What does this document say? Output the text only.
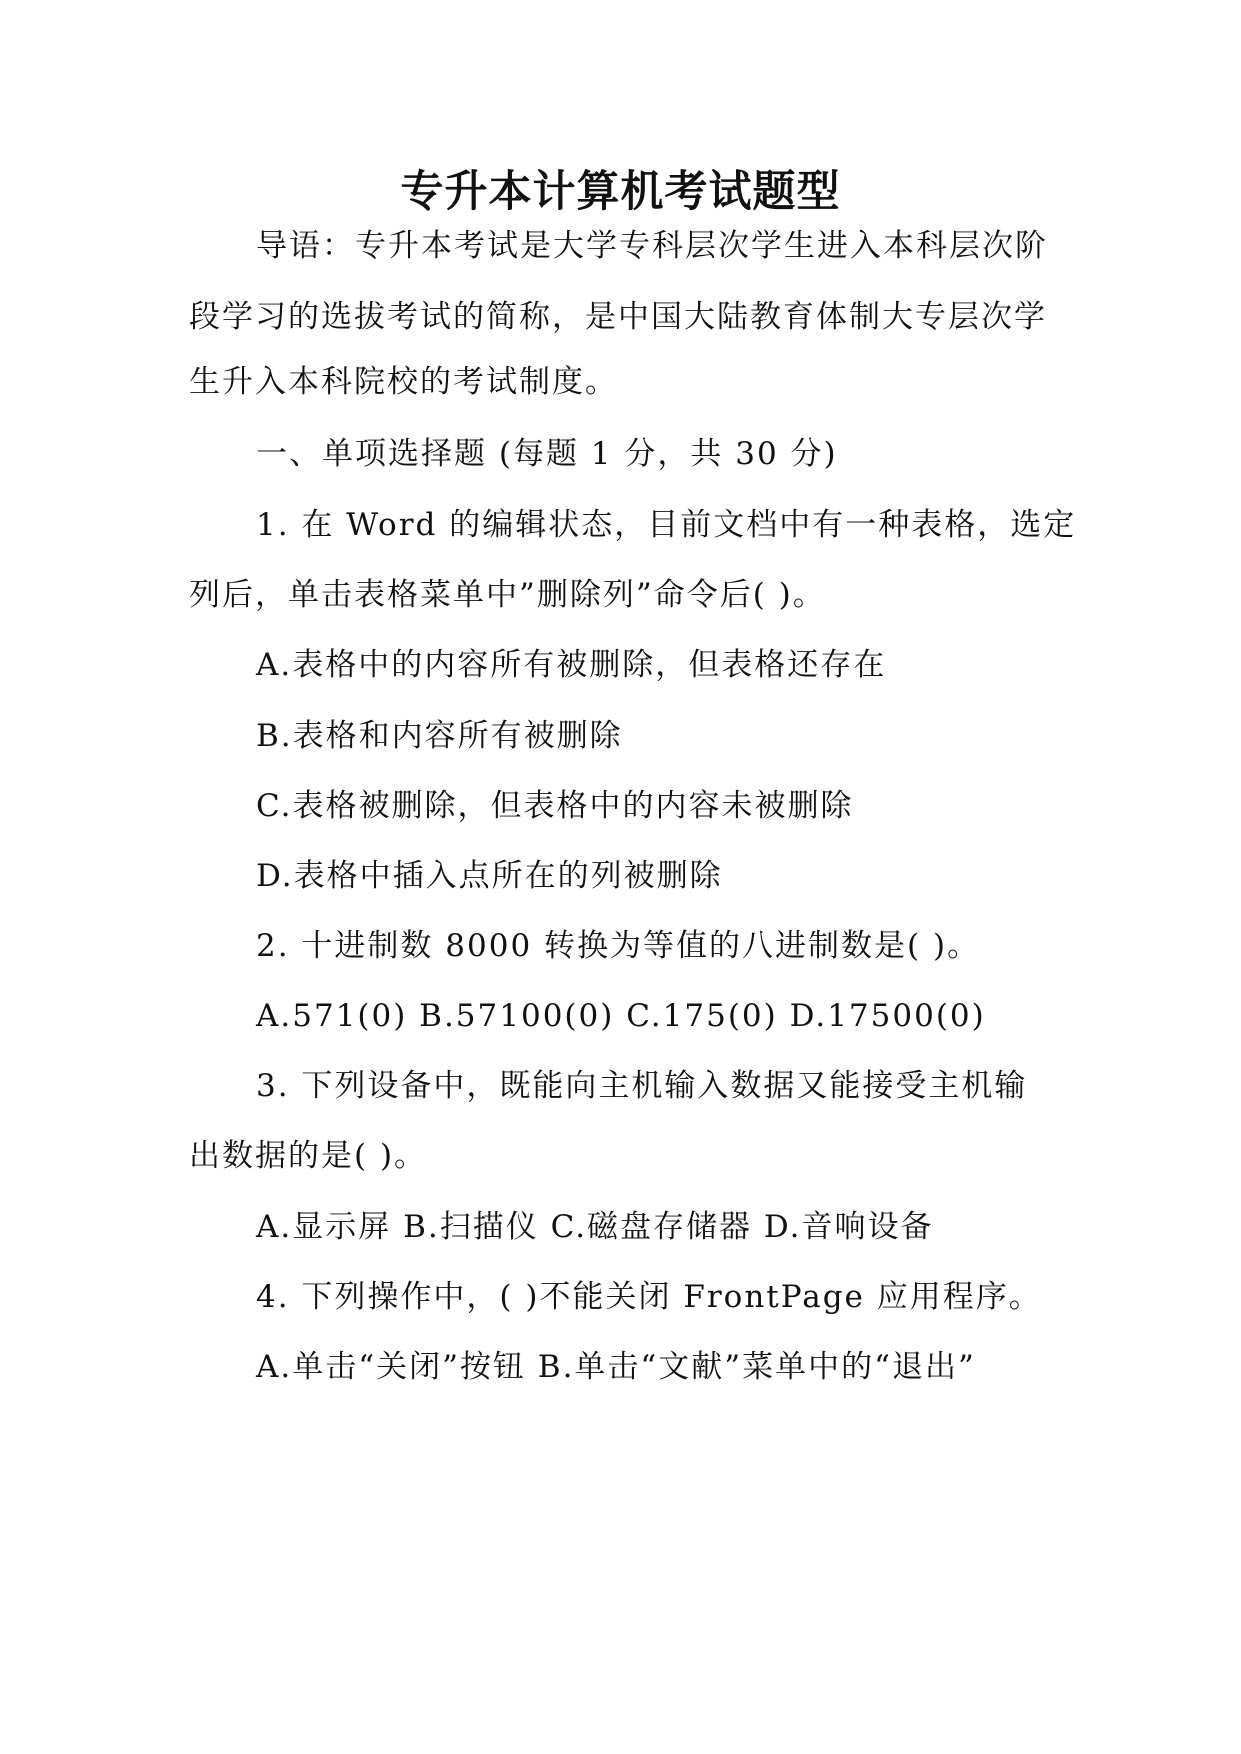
专升本计算机考试题型
导语：专升本考试是大学专科层次学生进入本科层次阶
段学习的选拔考试的简称，是中国大陆教育体制大专层次学
生升入本科院校的考试制度。
一、单项选择题 (每题 1 分，共 30 分)
1. 在 Word 的编辑状态，目前文档中有一种表格，选定
列后，单击表格菜单中”删除列”命令后( )。
A.表格中的内容所有被删除，但表格还存在
B.表格和内容所有被删除
C.表格被删除，但表格中的内容未被删除
D.表格中插入点所在的列被删除
2. 十进制数 8000 转换为等值的八进制数是( )。
A.571(0) B.57100(0) C.175(0) D.17500(0)
3. 下列设备中，既能向主机输入数据又能接受主机输
出数据的是( )。
A.显示屏 B.扫描仪 C.磁盘存储器 D.音响设备
4. 下列操作中，( )不能关闭 FrontPage 应用程序。
A.单击“关闭”按钮 B.单击“文献”菜单中的“退出”
